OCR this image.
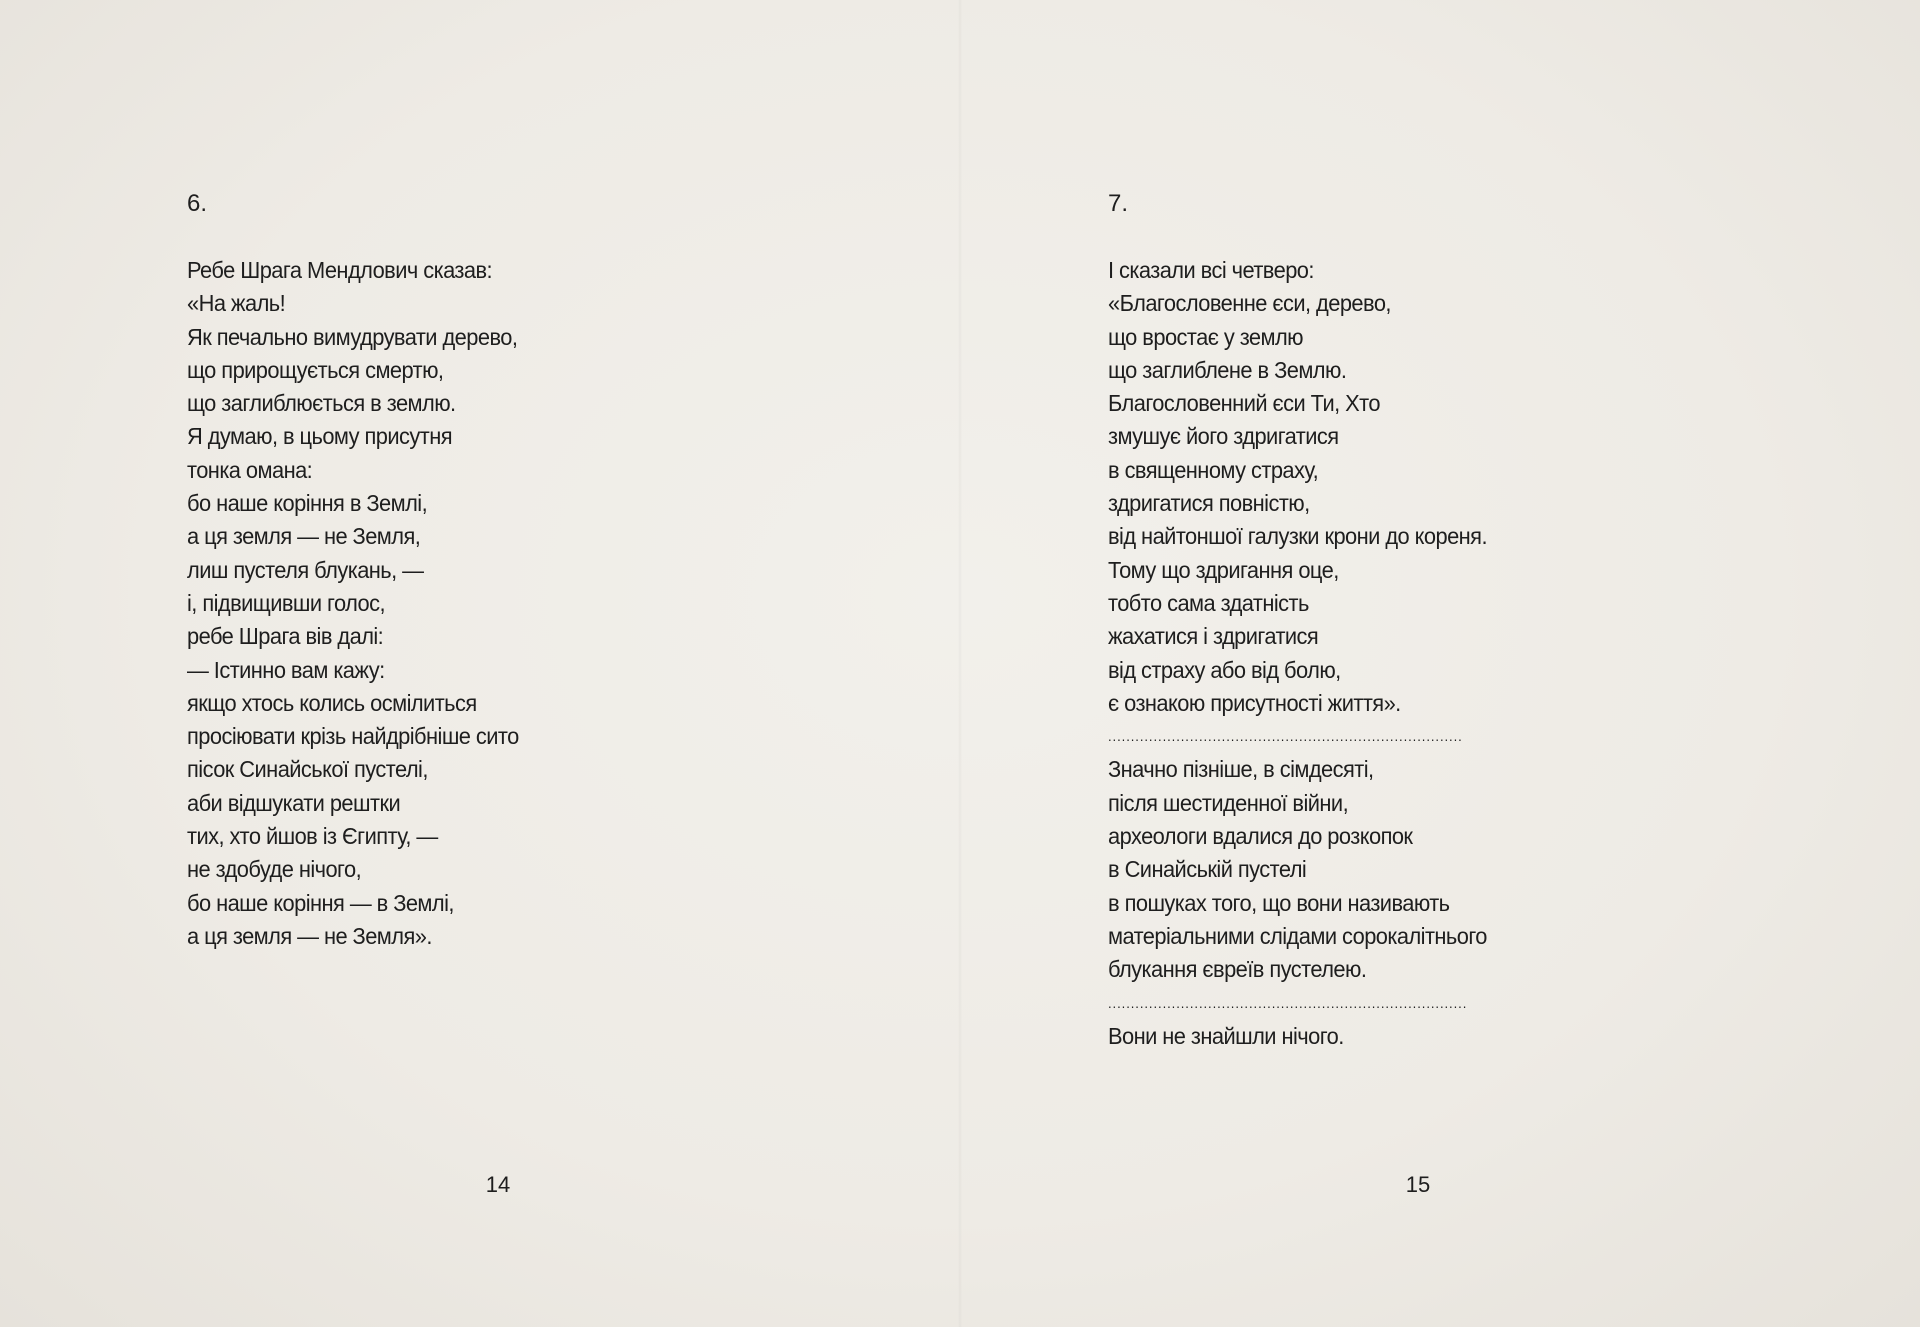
6.
Ребе Шрага Мендлович сказав:
«На жаль!
Як печально вимудрувати дерево,
що прирощується смертю,
що заглиблюється в землю.
Я думаю, в цьому присутня
тонка омана:
бо наше коріння в Землі,
а ця земля — не Земля,
лиш пустеля блукань, —
і, підвищивши голос,
ребе Шрага вів далі:
— Істинно вам кажу:
якщо хтось колись осмілиться
просіювати крізь найдрібніше сито
пісок Синайської пустелі,
аби відшукати рештки
тих, хто йшов із Єгипту, —
не здобуде нічого,
бо наше коріння — в Землі,
а ця земля — не Земля».
14
7.
І сказали всі четверо:
«Благословенне єси, дерево,
що вростає у землю
що заглиблене в Землю.
Благословенний єси Ти, Хто
змушує його здригатися
в священному страху,
здригатися повністю,
від найтоншої галузки крони до кореня.
Тому що здригання оце,
тобто сама здатність
жахатися і здригатися
від страху або від болю,
є ознакою присутності життя».
..............................................................................
Значно пізніше, в сімдесяті,
після шестиденної війни,
археологи вдалися до розкопок
в Синайській пустелі
в пошуках того, що вони називають
матеріальними слідами сорокалітнього
блукання євреїв пустелею.
...............................................................................
Вони не знайшли нічого.
15
